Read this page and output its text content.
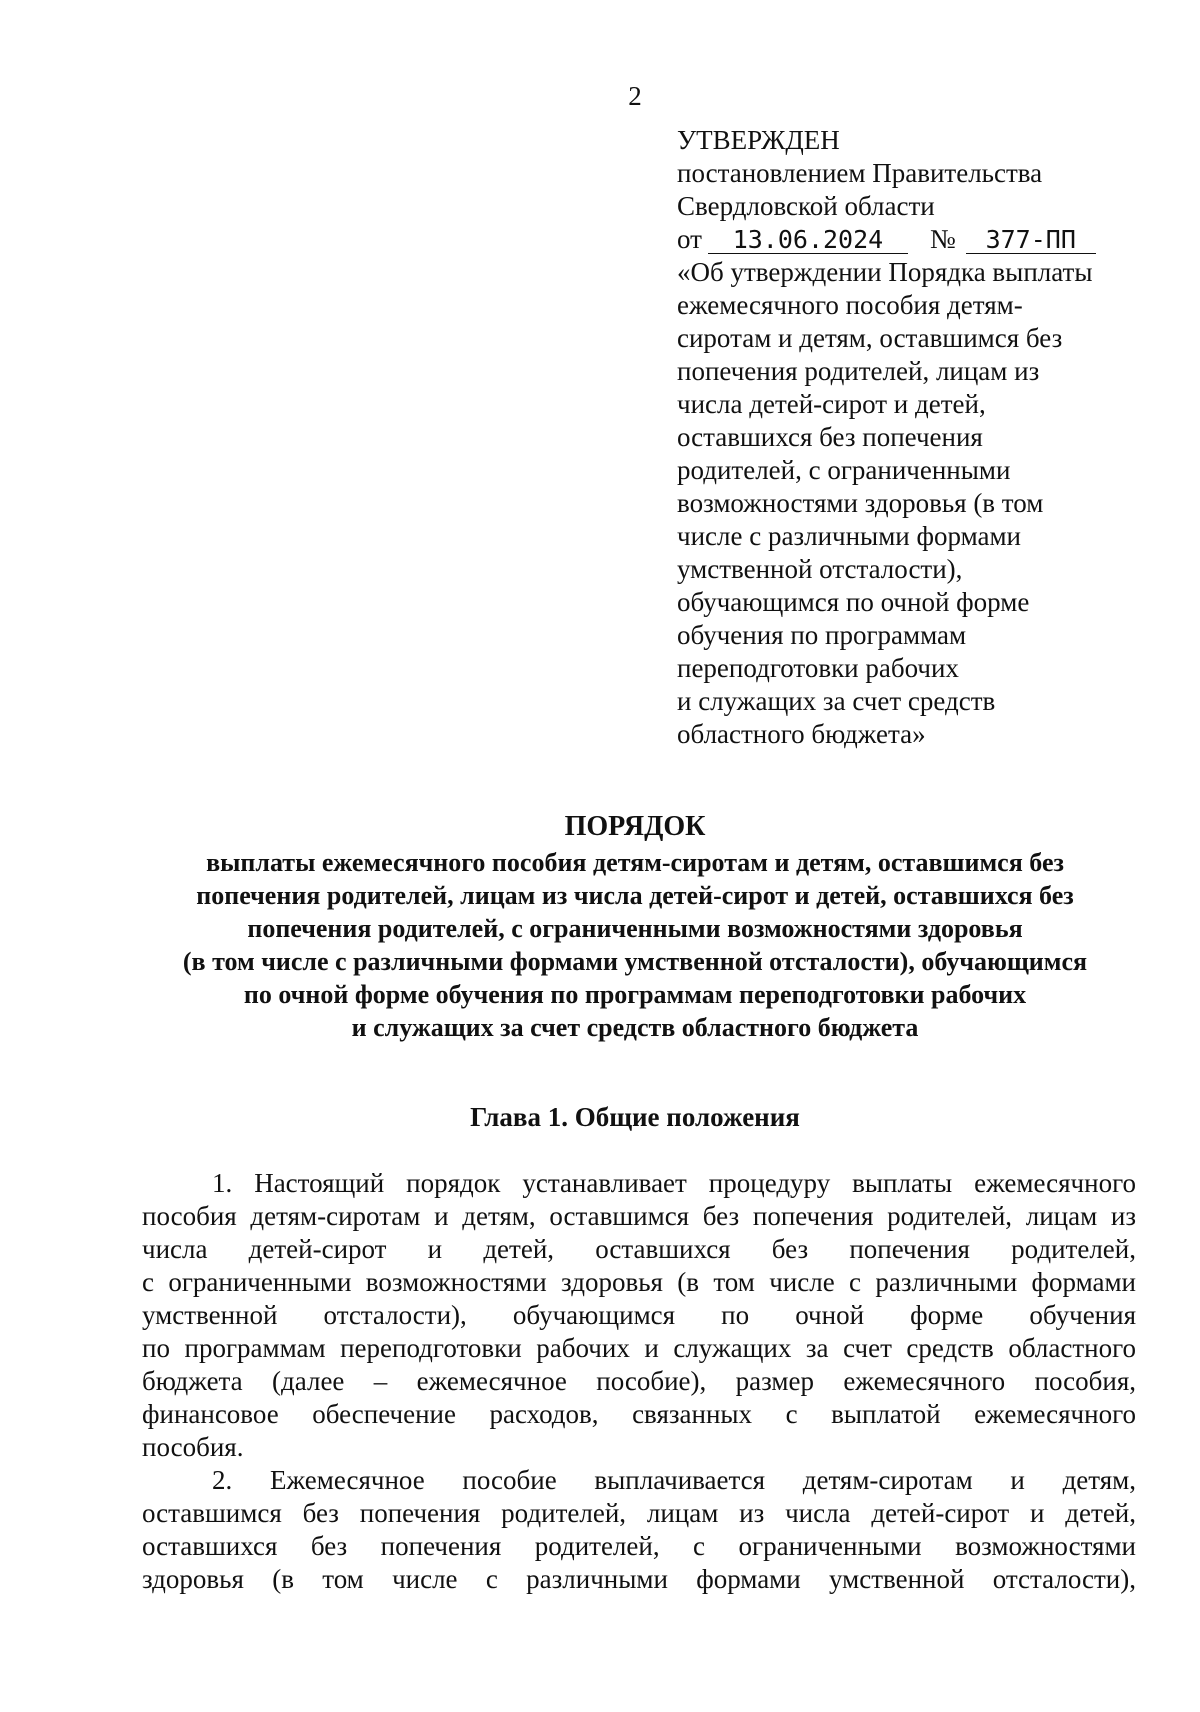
2
УТВЕРЖДЕН
постановлением Правительства
Свердловской области
от 13.06.2024 № 377-ПП
«Об утверждении Порядка выплаты
ежемесячного пособия детям-
сиротам и детям, оставшимся без
попечения родителей, лицам из
числа детей-сирот и детей,
оставшихся без попечения
родителей, с ограниченными
возможностями здоровья (в том
числе с различными формами
умственной отсталости),
обучающимся по очной форме
обучения по программам
переподготовки рабочих
и служащих за счет средств
областного бюджета»
ПОРЯДОК
выплаты ежемесячного пособия детям-сиротам и детям, оставшимся без
попечения родителей, лицам из числа детей-сирот и детей, оставшихся без
попечения родителей, с ограниченными возможностями здоровья
(в том числе с различными формами умственной отсталости), обучающимся
по очной форме обучения по программам переподготовки рабочих
и служащих за счет средств областного бюджета
Глава 1. Общие положения
1. Настоящий порядок устанавливает процедуру выплаты ежемесячного
пособия детям-сиротам и детям, оставшимся без попечения родителей, лицам из
числа детей-сирот и детей, оставшихся без попечения родителей,
с ограниченными возможностями здоровья (в том числе с различными формами
умственной отсталости), обучающимся по очной форме обучения
по программам переподготовки рабочих и служащих за счет средств областного
бюджета (далее – ежемесячное пособие), размер ежемесячного пособия,
финансовое обеспечение расходов, связанных с выплатой ежемесячного
пособия.
2. Ежемесячное пособие выплачивается детям-сиротам и детям,
оставшимся без попечения родителей, лицам из числа детей-сирот и детей,
оставшихся без попечения родителей, с ограниченными возможностями
здоровья (в том числе с различными формами умственной отсталости),
